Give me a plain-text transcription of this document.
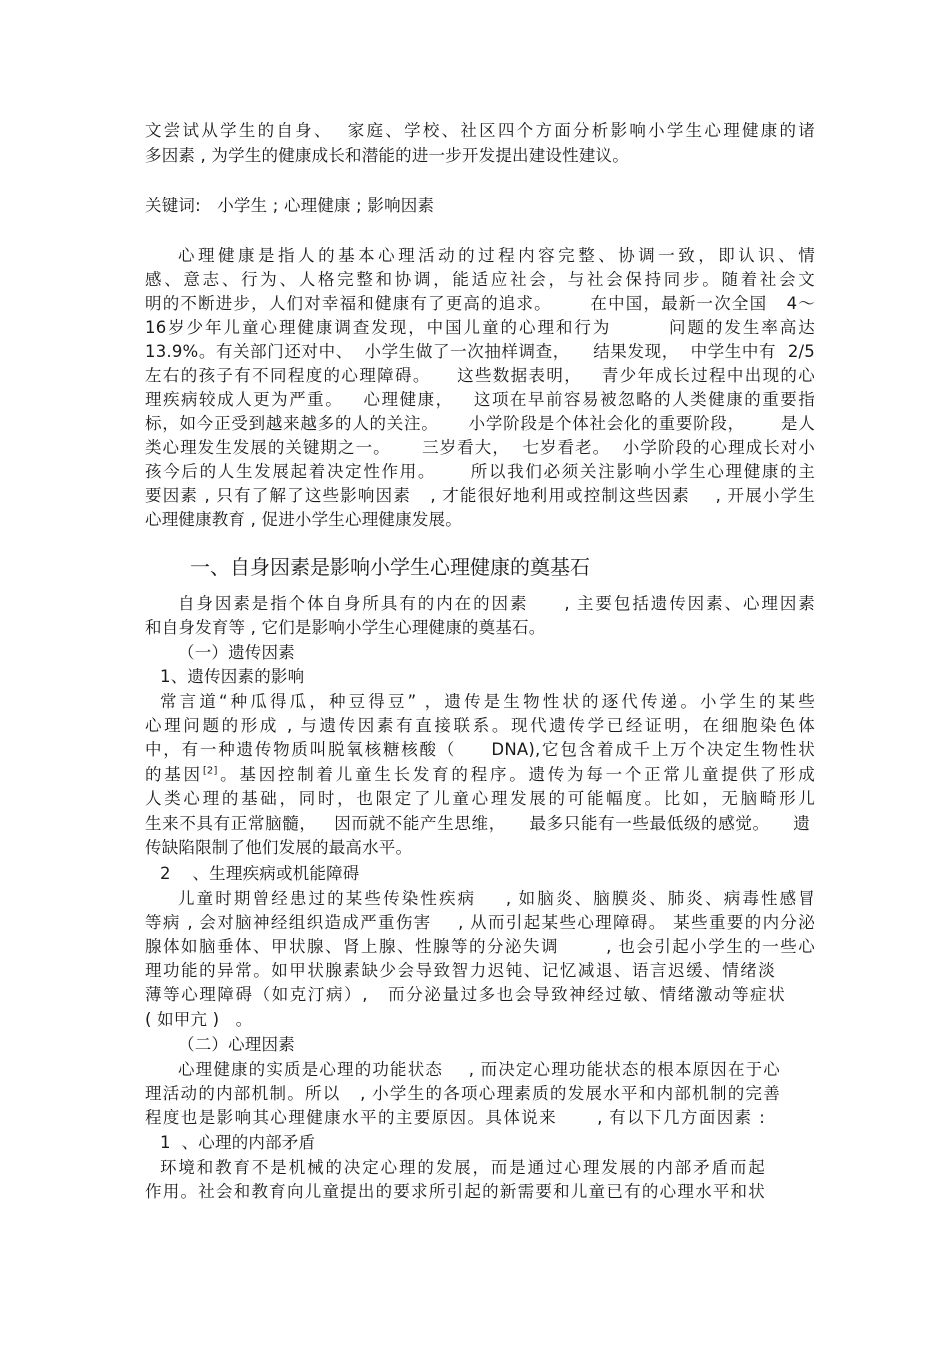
文尝试从学生的自身、  家庭、学校、社区四个方面分析影响小学生心理健康的诸
多因素 , 为学生的健康成长和潜能的进一步开发提出建设性建议。
关键词:   小学生 ; 心理健康 ; 影响因素
心理健康是指人的基本心理活动的过程内容完整、协调一致，即认识、情
感、意志、行为、人格完整和协调，能适应社会，与社会保持同步。随着社会文
明的不断进步，人们对幸福和健康有了更高的追求。      在中国，最新一次全国   4～
16岁少年儿童心理健康调查发现，中国儿童的心理和行为        问题的发生率高达
13.9%。有关部门还对中、  小学生做了一次抽样调查，    结果发现，  中学生中有  2/5
左右的孩子有不同程度的心理障碍。    这些数据表明，   青少年成长过程中出现的心
理疾病较成人更为严重。   心理健康，   这项在早前容易被忽略的人类健康的重要指
标，如今正受到越来越多的人的关注。     小学阶段是个体社会化的重要阶段，      是人
类心理发生发展的关键期之一。     三岁看大，  七岁看老。  小学阶段的心理成长对小
孩今后的人生发展起着决定性作用。     所以我们必须关注影响小学生心理健康的主
要因素 , 只有了解了这些影响因素   , 才能很好地利用或控制这些因素    , 开展小学生
心理健康教育 , 促进小学生心理健康发展。
一、自身因素是影响小学生心理健康的奠基石
自身因素是指个体自身所具有的内在的因素     , 主要包括遗传因素、心理因素
和自身发育等 , 它们是影响小学生心理健康的奠基石。
（一）遗传因素
1、遗传因素的影响
常言道“种瓜得瓜，种豆得豆” ，遗传是生物性状的逐代传递。小学生的某些
心理问题的形成 , 与遗传因素有直接联系。现代遗传学已经证明，在细胞染色体
中，有一种遗传物质叫脱氧核糖核酸（     DNA),它包含着成千上万个决定生物性状
的基因[2]。基因控制着儿童生长发育的程序。遗传为每一个正常儿童提供了形成
人类心理的基础，同时，也限定了儿童心理发展的可能幅度。比如，无脑畸形儿
生来不具有正常脑髓，   因而就不能产生思维，    最多只能有一些最低级的感觉。    遗
传缺陷限制了他们发展的最高水平。
2    、生理疾病或机能障碍
儿童时期曾经患过的某些传染性疾病    , 如脑炎、脑膜炎、肺炎、病毒性感冒
等病 , 会对脑神经组织造成严重伤害    , 从而引起某些心理障碍。 某些重要的内分泌
腺体如脑垂体、甲状腺、肾上腺、性腺等的分泌失调       , 也会引起小学生的一些心
理功能的异常。如甲状腺素缺少会导致智力迟钝、记忆减退、语言迟缓、情绪淡
薄等心理障碍（如克汀病）,   而分泌量过多也会导致神经过敏、情绪激动等症状
( 如甲亢 )   。
（二）心理因素
心理健康的实质是心理的功能状态    , 而决定心理功能状态的根本原因在于心
理活动的内部机制。所以   , 小学生的各项心理素质的发展水平和内部机制的完善
程度也是影响其心理健康水平的主要原因。具体说来      , 有以下几方面因素 :
1  、心理的内部矛盾
环境和教育不是机械的决定心理的发展，而是通过心理发展的内部矛盾而起
作用。社会和教育向儿童提出的要求所引起的新需要和儿童已有的心理水平和状
